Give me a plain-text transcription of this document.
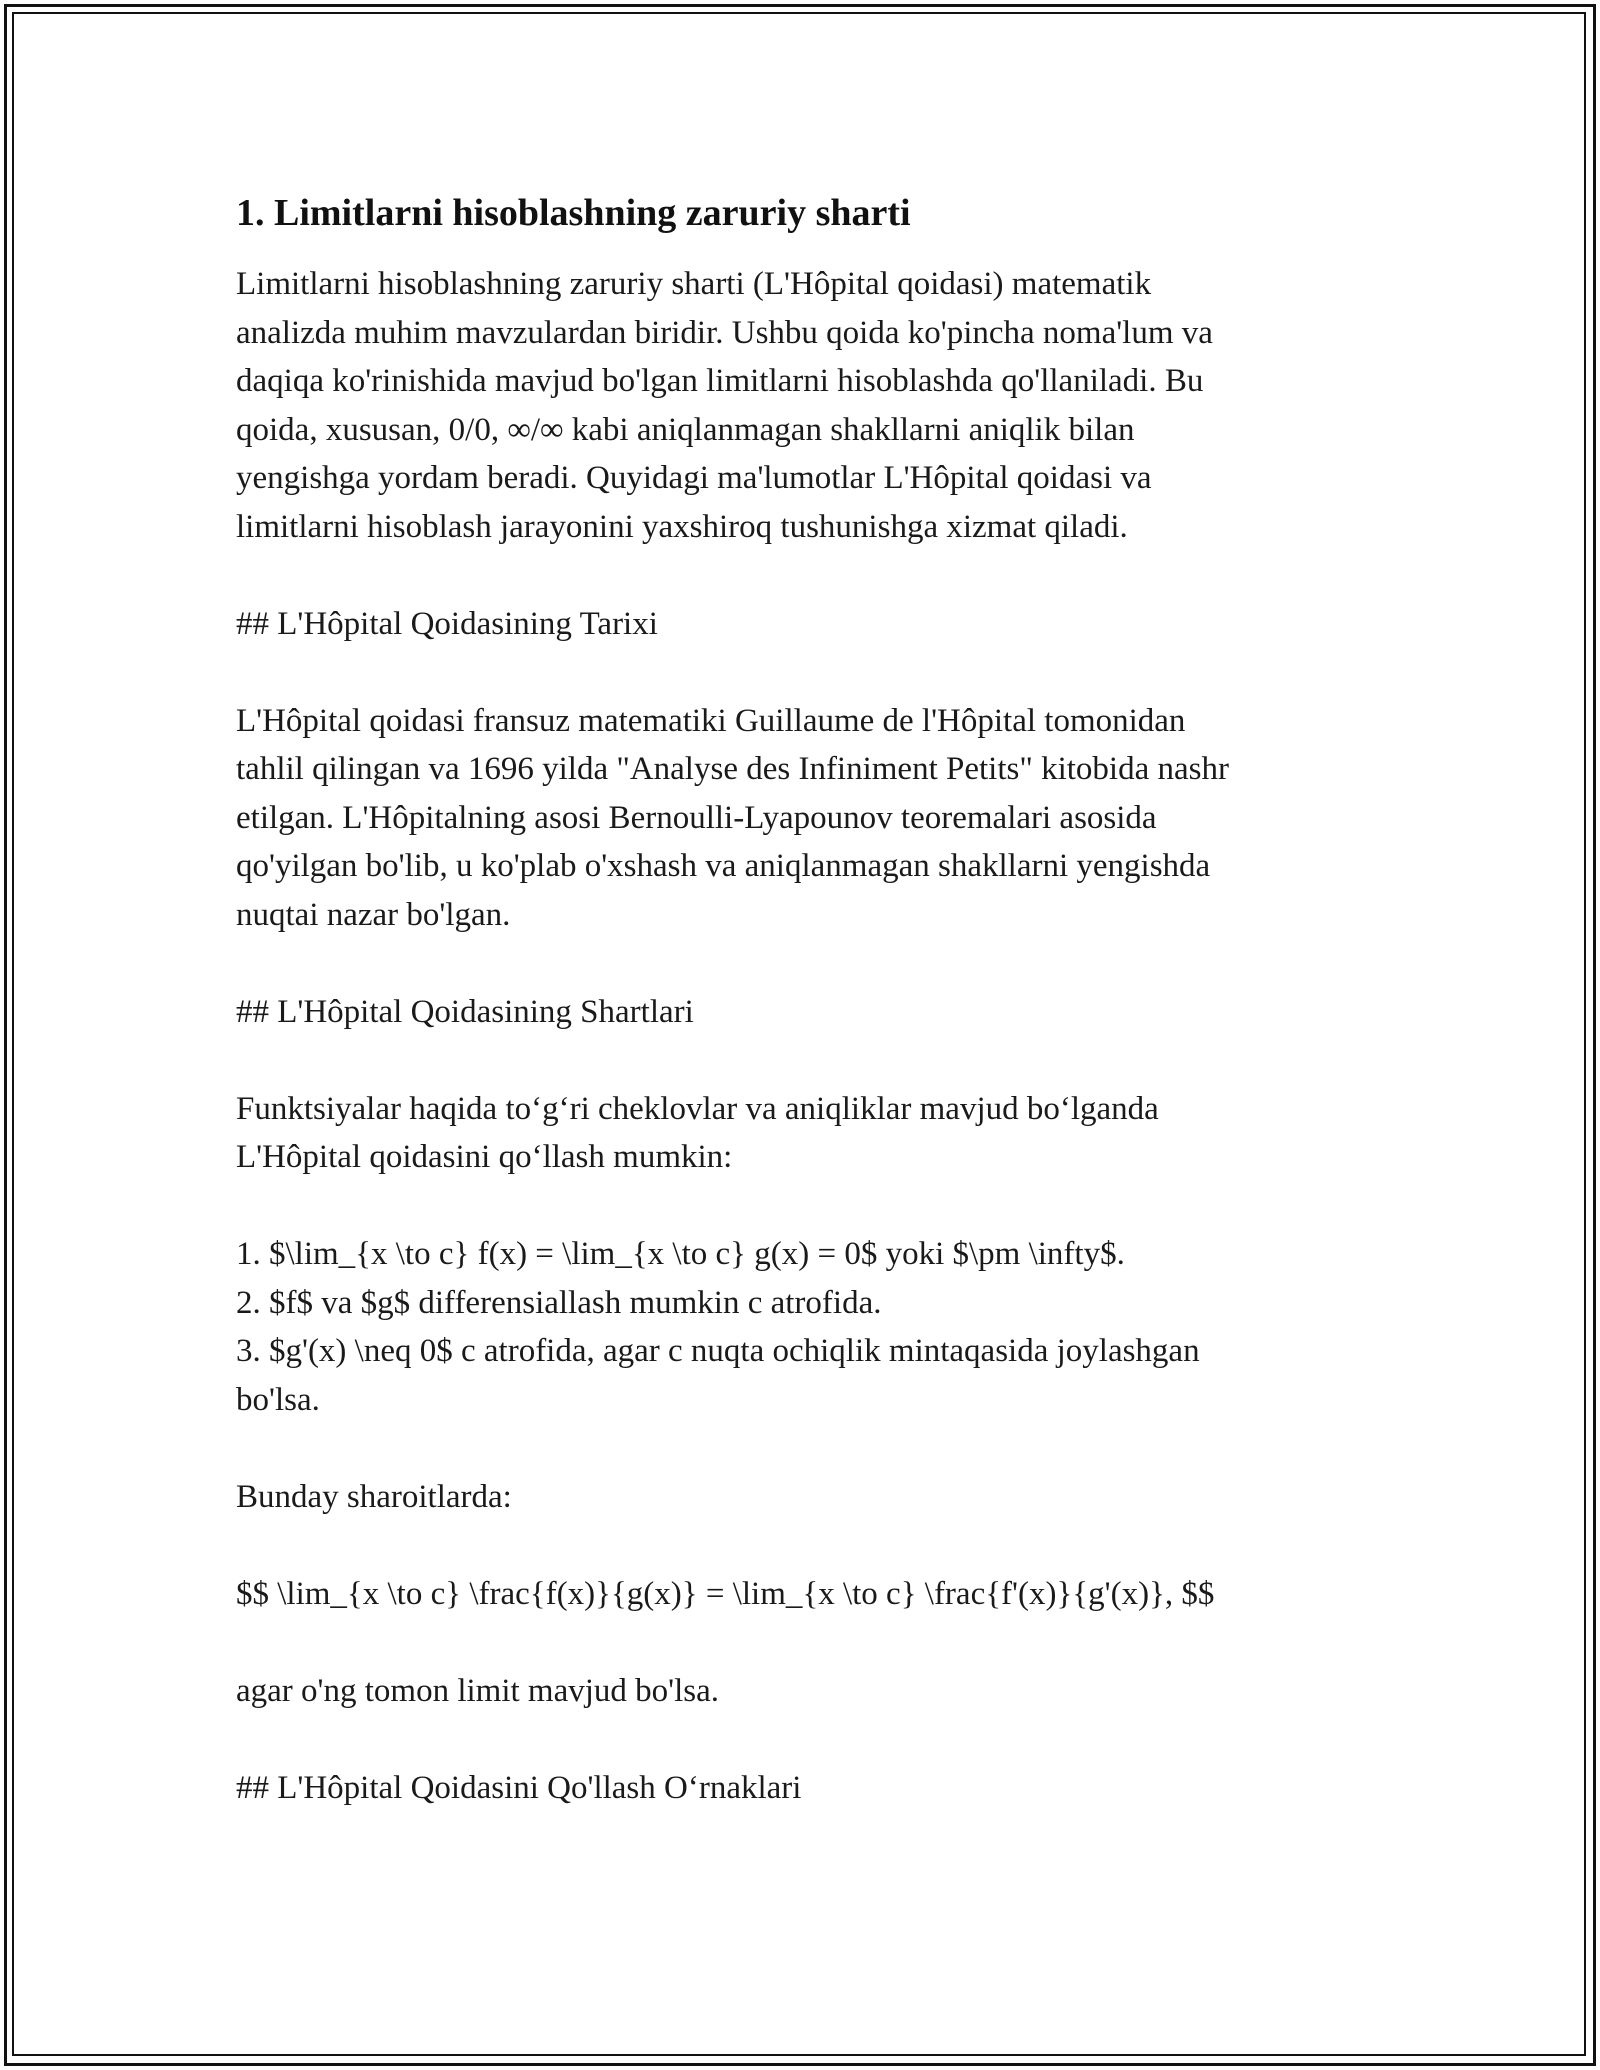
1. Limitlarni hisoblashning zaruriy sharti

Limitlarni hisoblashning zaruriy sharti (L'Hôpital qoidasi) matematik
analizda muhim mavzulardan biridir. Ushbu qoida ko'pincha noma'lum va
daqiqa ko'rinishida mavjud bo'lgan limitlarni hisoblashda qo'llaniladi. Bu
qoida, xususan, 0/0, ∞/∞ kabi aniqlanmagan shakllarni aniqlik bilan
yengishga yordam beradi. Quyidagi ma'lumotlar L'Hôpital qoidasi va
limitlarni hisoblash jarayonini yaxshiroq tushunishga xizmat qiladi.

## L'Hôpital Qoidasining Tarixi

L'Hôpital qoidasi fransuz matematiki Guillaume de l'Hôpital tomonidan
tahlil qilingan va 1696 yilda "Analyse des Infiniment Petits" kitobida nashr
etilgan. L'Hôpitalning asosi Bernoulli-Lyapounov teoremalari asosida
qo'yilgan bo'lib, u ko'plab o'xshash va aniqlanmagan shakllarni yengishda
nuqtai nazar bo'lgan.

## L'Hôpital Qoidasining Shartlari

Funktsiyalar haqida toʻgʻri cheklovlar va aniqliklar mavjud boʻlganda
L'Hôpital qoidasini qoʻllash mumkin:

1. $\lim_{x \to c} f(x) = \lim_{x \to c} g(x) = 0$ yoki $\pm \infty$.
2. $f$ va $g$ differensiallash mumkin c atrofida.
3. $g'(x) \neq 0$ c atrofida, agar c nuqta ochiqlik mintaqasida joylashgan
bo'lsa.

Bunday sharoitlarda:

$$ \lim_{x \to c} \frac{f(x)}{g(x)} = \lim_{x \to c} \frac{f'(x)}{g'(x)}, $$

agar o'ng tomon limit mavjud bo'lsa.

## L'Hôpital Qoidasini Qo'llash Oʻrnaklari
